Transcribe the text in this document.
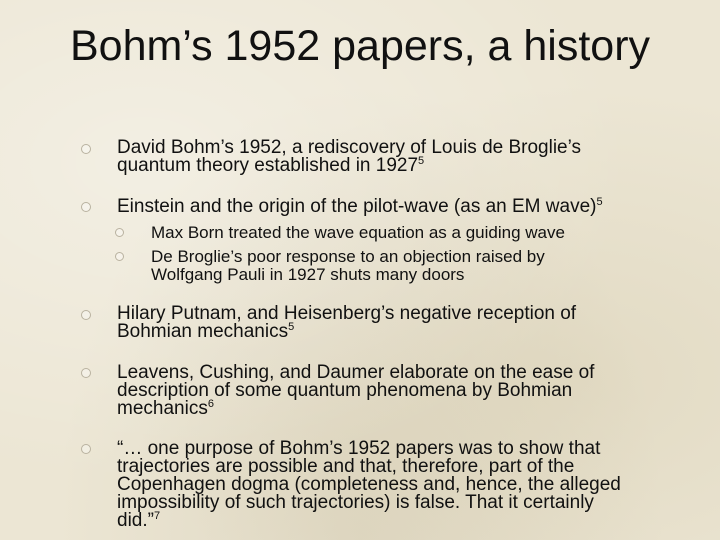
Bohm’s 1952 papers, a history
David Bohm’s 1952, a rediscovery of Louis de Broglie’s quantum theory established in 1927$^5$
Einstein and the origin of the pilot-wave (as an EM wave)$^5$
Max Born treated the wave equation as a guiding wave
De Broglie’s poor response to an objection raised by Wolfgang Pauli in 1927 shuts many doors
Hilary Putnam, and Heisenberg’s negative reception of Bohmian mechanics$^5$
Leavens, Cushing, and Daumer elaborate on the ease of description of some quantum phenomena by Bohmian mechanics$^6$
“… one purpose of Bohm’s 1952 papers was to show that trajectories are possible and that, therefore, part of the Copenhagen dogma (completeness and, hence, the alleged impossibility of such trajectories) is false. That it certainly did.”$^7$
